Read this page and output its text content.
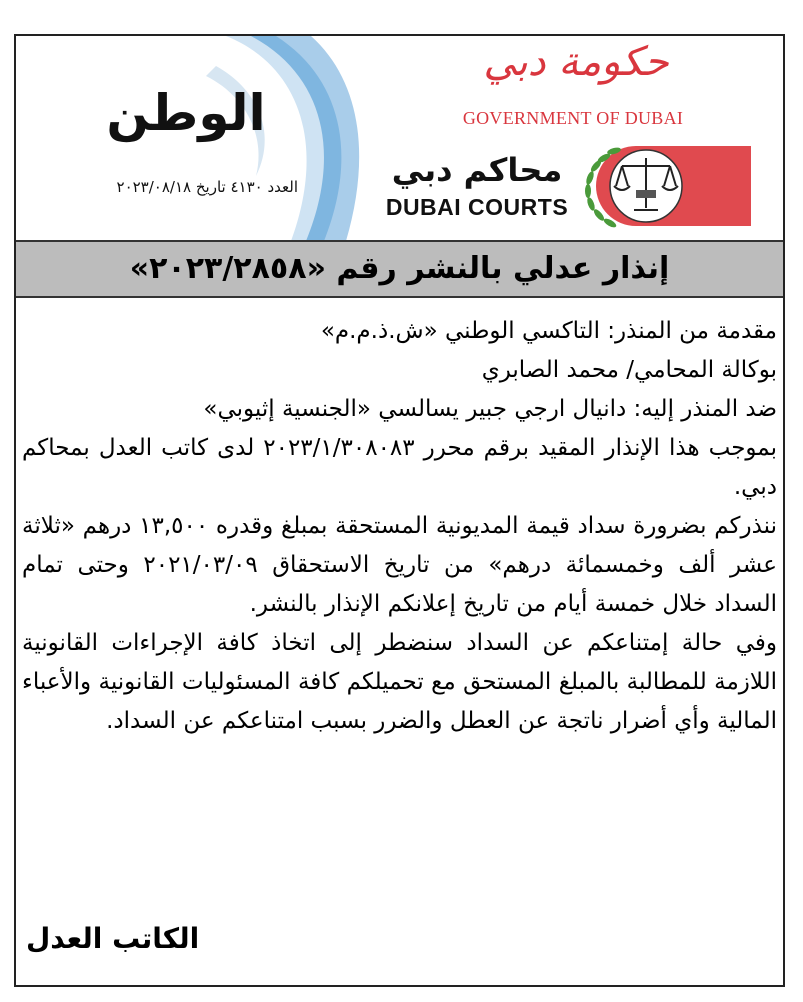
الوطن
العدد ٤١٣٠ تاريخ ٢٠٢٣/٠٨/١٨
حكومة دبي
GOVERNMENT OF DUBAI
محاكم دبي
DUBAI COURTS
إنذار عدلي بالنشر رقم «٢٠٢٣/٢٨٥٨»

مقدمة من المنذر: التاكسي الوطني «ش.ذ.م.م»

بوكالة المحامي/ محمد الصابري

ضد المنذر إليه: دانيال ارجي جبير يسالسي «الجنسية إثيوبي»

بموجب هذا الإنذار المقيد برقم محرر ٢٠٢٣/١/٣٠٨٠٨٣ لدى كاتب العدل بمحاكم دبي.

ننذركم بضرورة سداد قيمة المديونية المستحقة بمبلغ وقدره ١٣,٥٠٠ درهم «ثلاثة عشر ألف وخمسمائة درهم» من تاريخ الاستحقاق ٢٠٢١/٠٣/٠٩ وحتى تمام السداد خلال خمسة أيام من تاريخ إعلانكم الإنذار بالنشر.

وفي حالة إمتناعكم عن السداد سنضطر إلى اتخاذ كافة الإجراءات القانونية اللازمة للمطالبة بالمبلغ المستحق مع تحميلكم كافة المسئوليات القانونية والأعباء المالية وأي أضرار ناتجة عن العطل والضرر بسبب امتناعكم عن السداد.

الكاتب العدل
